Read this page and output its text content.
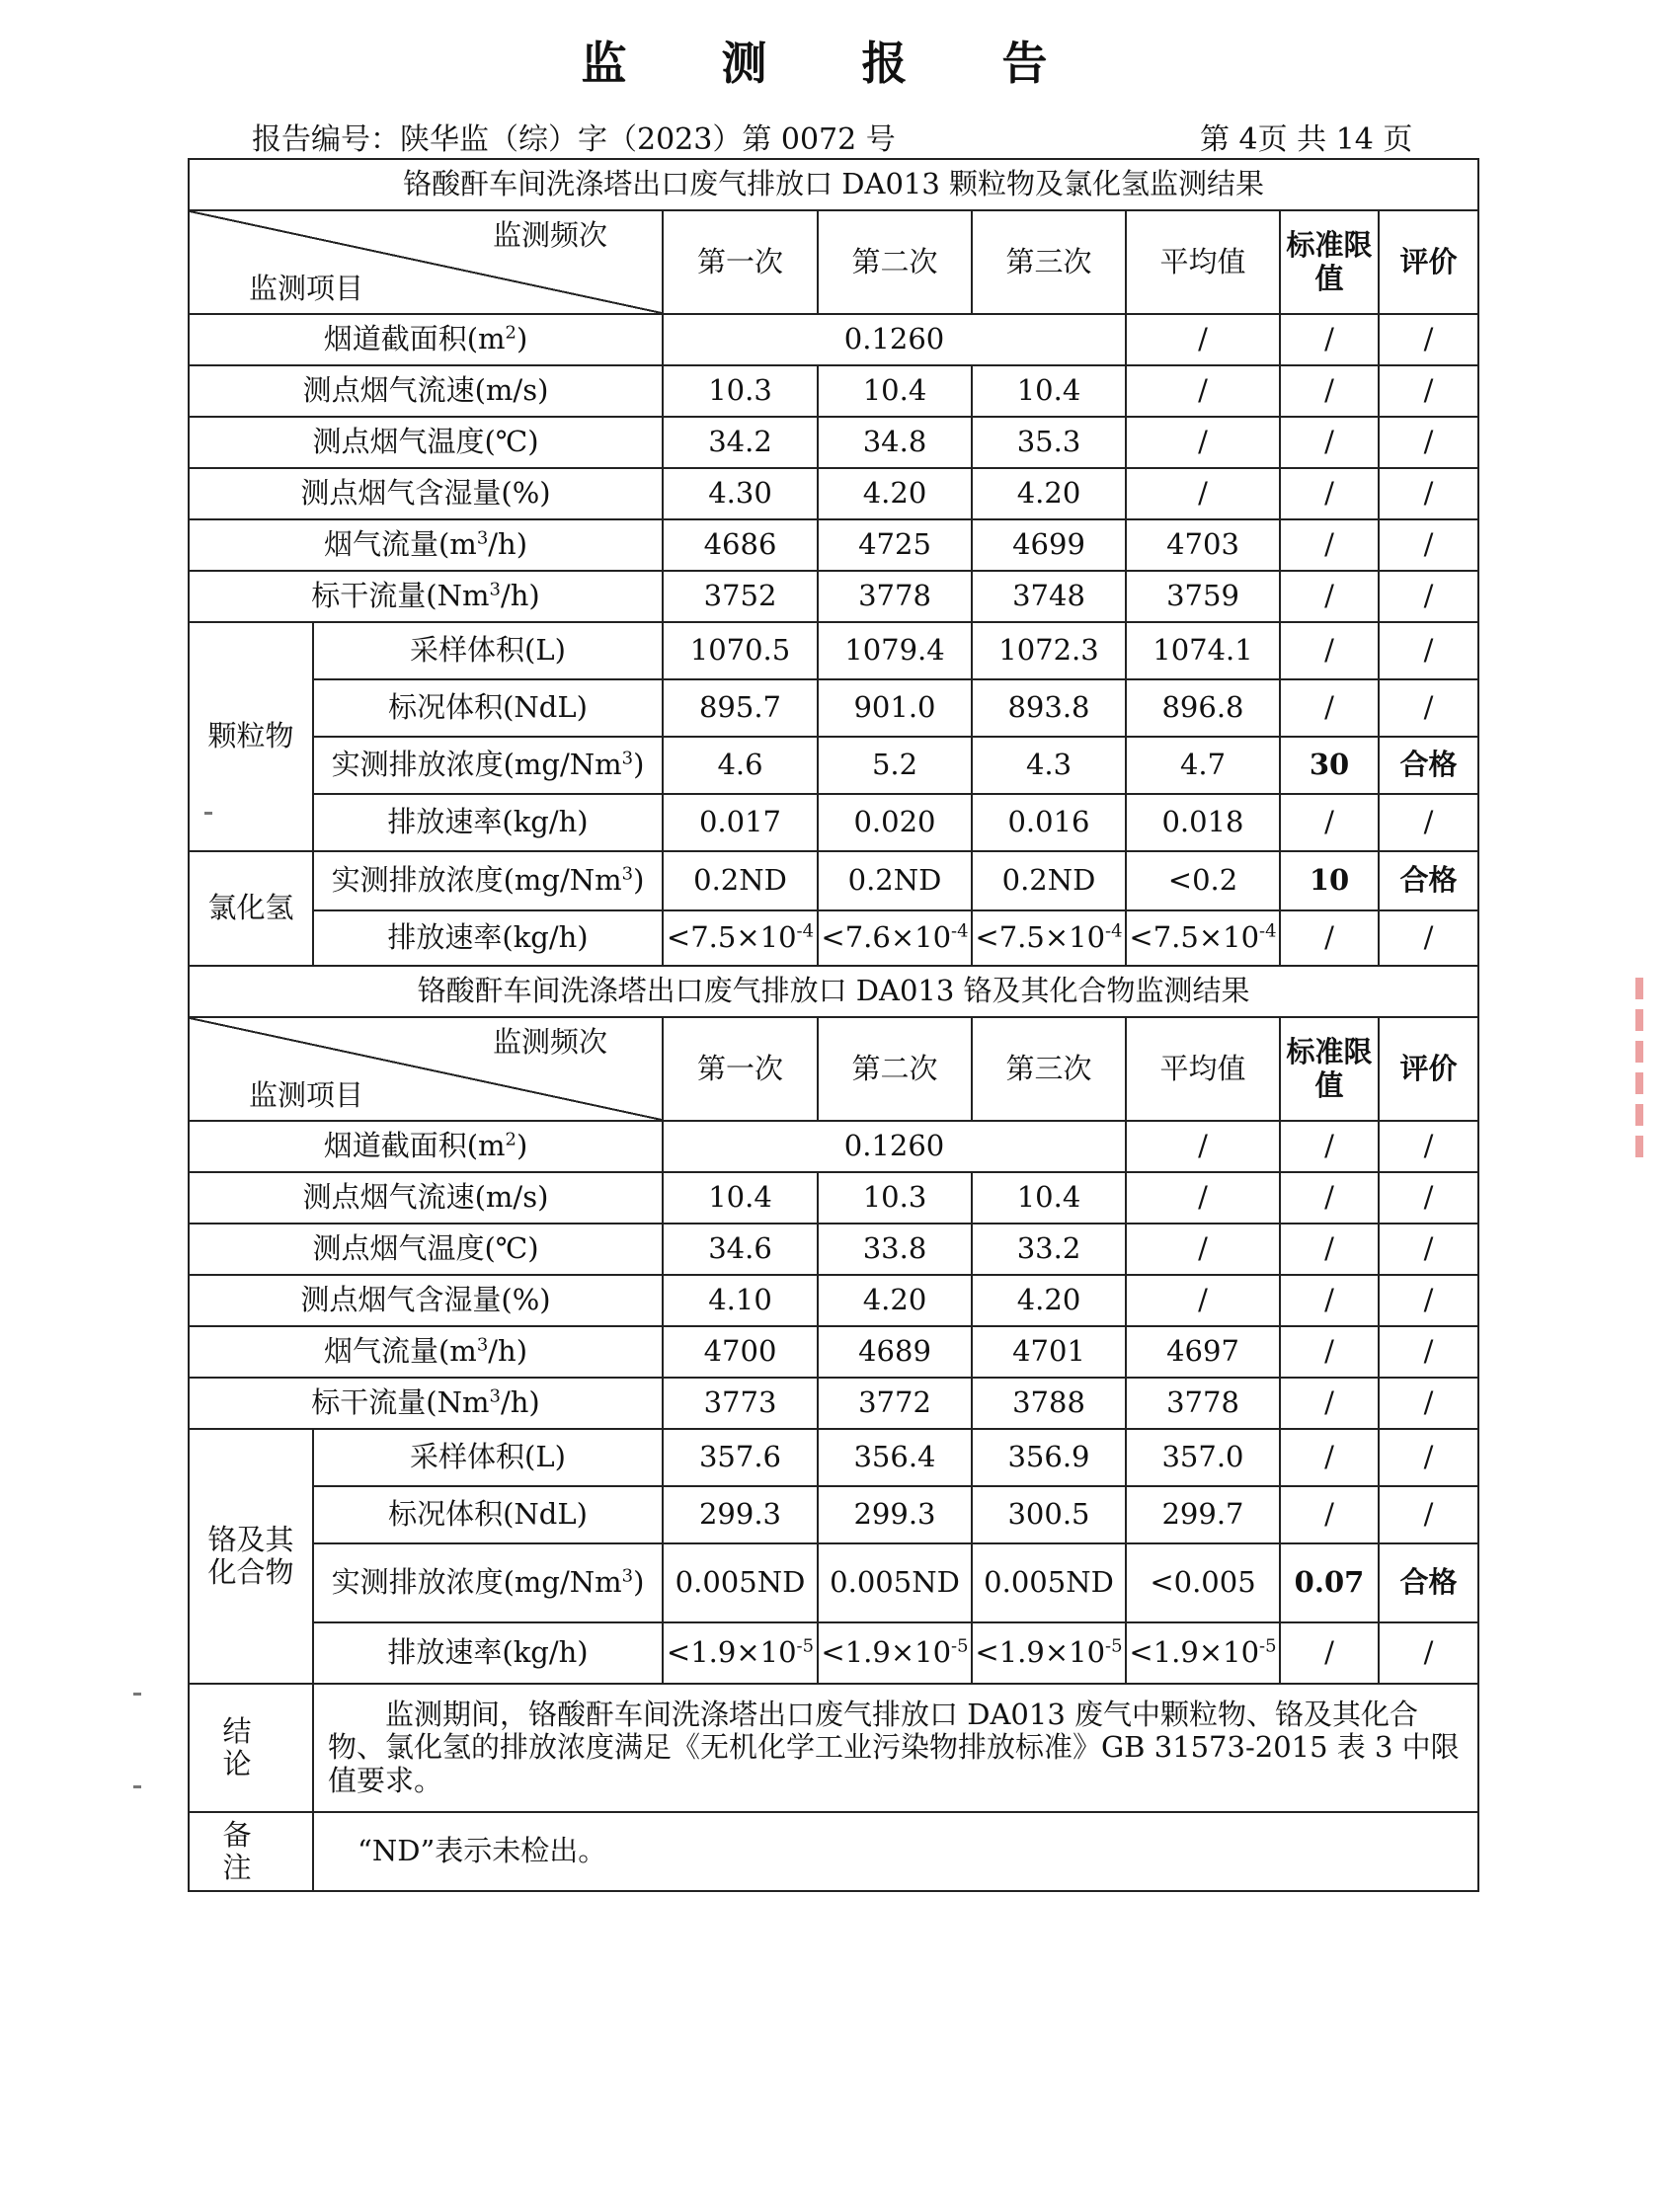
监 测 报 告
报告编号：陕华监（综）字（2023）第 0072 号	第 4页 共 14 页
铬酸酐车间洗涤塔出口废气排放口 DA013 颗粒物及氯化氢监测结果							

监测频次
监测项目		第一次	第二次	第三次	平均值	标准限值	评价
烟道截面积$(m^2)$		0.1260			/	/	/
测点烟气流速(m/s)		10.3	10.4	10.4	/	/	/
测点烟气温度(℃)		34.2	34.8	35.3	/	/	/
测点烟气含湿量(%)		4.30	4.20	4.20	/	/	/
烟气流量$(m^3/h)$		4686	4725	4699	4703	/	/
标干流量(Nm$^3$/h)		3752	3778	3748	3759	/	/
颗粒物	采样体积(L)	1070.5	1079.4	1072.3	1074.1	/	/
	标况体积(NdL)	895.7	901.0	893.8	896.8	/	/
	实测排放浓度(mg/Nm$^3$)	4.6	5.2	4.3	4.7	30	合格
	排放速率(kg/h)	0.017	0.020	0.016	0.018	/	/
氯化氢	实测排放浓度(mg/Nm$^3$)	0.2ND	0.2ND	0.2ND	<0.2	10	合格
	排放速率(kg/h)	$<7.5\times 10^{-4}$	$<7.6\times 10^{-4}$	$<7.5\times 10^{-4}$	$<7.5\times 10^{-4}$	/	/
铬酸酐车间洗涤塔出口废气排放口 DA013 铬及其化合物监测结果							

监测频次
监测项目		第一次	第二次	第三次	平均值	标准限值	评价
烟道截面积$(m^2)$		0.1260			/	/	/
测点烟气流速(m/s)		10.4	10.3	10.4	/	/	/
测点烟气温度(℃)		34.6	33.8	33.2	/	/	/
测点烟气含湿量(%)		4.10	4.20	4.20	/	/	/
烟气流量$(m^3/h)$		4700	4689	4701	4697	/	/
标干流量(Nm$^3$/h)		3773	3772	3788	3778	/	/
铬及其
化合物	采样体积(L)	357.6	356.4	356.9	357.0	/	/
	标况体积(NdL)	299.3	299.3	300.5	299.7	/	/
	实测排放浓度(mg/Nm$^3$)	0.005ND	0.005ND	0.005ND	<0.005	0.07	合格
	排放速率(kg/h)	$<1.9\times 10^{-5}$	$<1.9\times 10^{-5}$	$<1.9\times 10^{-5}$	$<1.9\times 10^{-5}$	/	/
结 论	监测期间，铬酸酐车间洗涤塔出口废气排放口 DA013 废气中颗粒物、铬及其化合物、氯化氢的排放浓度满足《无机化学工业污染物排放标准》GB 31573-2015 表 3 中限值要求。						
备 注	“ND”表示未检出。						
